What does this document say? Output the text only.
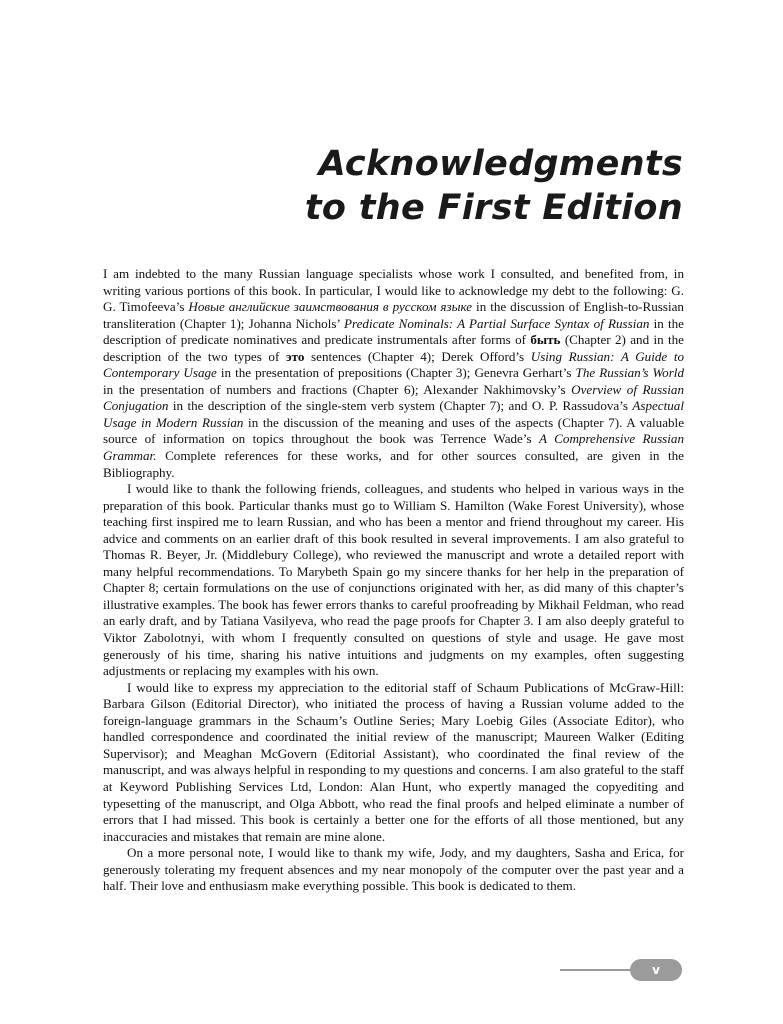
Acknowledgments
to the First Edition

I am indebted to the many Russian language specialists whose work I consulted, and benefited from, in writing various portions of this book. In particular, I would like to acknowledge my debt to the following: G. G. Timofeeva’s Новые английские заимствования в русском языке in the discussion of English-to-Russian transliteration (Chapter 1); Johanna Nichols’ Predicate Nominals: A Partial Surface Syntax of Russian in the description of predicate nominatives and predicate instrumentals after forms of быть (Chapter 2) and in the description of the two types of это sentences (Chapter 4); Derek Offord’s Using Russian: A Guide to Contemporary Usage in the presentation of prepositions (Chapter 3); Genevra Gerhart’s The Russian’s World in the presentation of numbers and fractions (Chapter 6); Alexander Nakhimovsky’s Overview of Russian Conjugation in the description of the single-stem verb system (Chapter 7); and O. P. Rassudova’s Aspectual Usage in Modern Russian in the discussion of the meaning and uses of the aspects (Chapter 7). A valuable source of information on topics throughout the book was Terrence Wade’s A Comprehensive Russian Grammar. Complete references for these works, and for other sources consulted, are given in the Bibliography.

I would like to thank the following friends, colleagues, and students who helped in various ways in the preparation of this book. Particular thanks must go to William S. Hamilton (Wake Forest University), whose teaching first inspired me to learn Russian, and who has been a mentor and friend throughout my career. His advice and comments on an earlier draft of this book resulted in several improvements. I am also grateful to Thomas R. Beyer, Jr. (Middlebury College), who reviewed the manuscript and wrote a detailed report with many helpful recommendations. To Marybeth Spain go my sincere thanks for her help in the preparation of Chapter 8; certain formulations on the use of conjunctions originated with her, as did many of this chapter’s illustrative examples. The book has fewer errors thanks to careful proofreading by Mikhail Feldman, who read an early draft, and by Tatiana Vasilyeva, who read the page proofs for Chapter 3. I am also deeply grateful to Viktor Zabolotnyi, with whom I frequently consulted on questions of style and usage. He gave most generously of his time, sharing his native intuitions and judgments on my examples, often suggesting adjustments or replacing my examples with his own.

I would like to express my appreciation to the editorial staff of Schaum Publications of McGraw-Hill: Barbara Gilson (Editorial Director), who initiated the process of having a Russian volume added to the foreign-language grammars in the Schaum’s Outline Series; Mary Loebig Giles (Associate Editor), who handled correspondence and coordinated the initial review of the manuscript; Maureen Walker (Editing Supervisor); and Meaghan McGovern (Editorial Assistant), who coordinated the final review of the manuscript, and was always helpful in responding to my questions and concerns. I am also grateful to the staff at Keyword Publishing Services Ltd, London: Alan Hunt, who expertly managed the copyediting and typesetting of the manuscript, and Olga Abbott, who read the final proofs and helped eliminate a number of errors that I had missed. This book is certainly a better one for the efforts of all those mentioned, but any inaccuracies and mistakes that remain are mine alone.

On a more personal note, I would like to thank my wife, Jody, and my daughters, Sasha and Erica, for generously tolerating my frequent absences and my near monopoly of the computer over the past year and a half. Their love and enthusiasm make everything possible. This book is dedicated to them.

v
